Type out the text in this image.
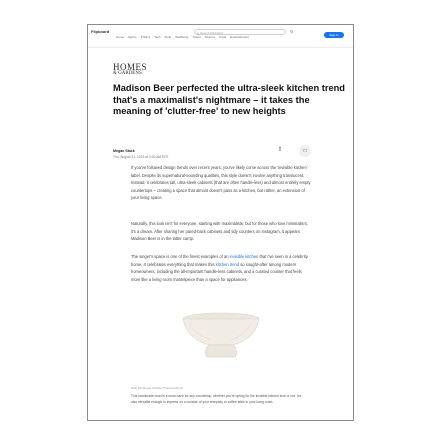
Flipboard
Home Sports Politics Tech Style Wellbeing Travel Science Food Entertainment
⚲ Search Flipboard	↻
Sign In
HOMES
& GARDENS
Madison Beer perfected the ultra-sleek kitchen trend that's a maximalist's nightmare – it takes the meaning of 'clutter-free' to new heights
Megan Slack
Thu, August 31, 2023 at 3:30 AM EDT
⇧	□

If you've followed design trends over recent years, you've likely come across the 'invisible kitchen' label. Despite its supernatural-sounding qualities, this style doesn't involve anything translucent. Instead, it celebrates tall, ultra-sleek cabinets (that are often handle-less) and almost entirely empty countertops – creating a space that almost doesn't pass as a kitchen, but rather, an extension of your living space.

Naturally, this look isn't for everyone, starting with maximalists, but for those who love minimalism, it's a dream. After sharing her pared-back cabinets and tidy counters on Instagram, it appears Madison Beer is in the latter camp.

The singer's space is one of the finest examples of an invisible kitchen that I've seen in a celebrity home. It celebrates everything that makes this kitchen trend so sought-after among modern homeowners, including the all-important handle-less cabinets, and a curated counter that feels more like a living room mantelpiece than a space for appliances.

Mule Plio Repair Sculptor Pinewood Bowl

This handmade bowl is a must-have for any countertop, whether you're opting for the invisible kitchen look or not. It's also versatile enough to impress on a console of your entryway or coffee table in your living room.
